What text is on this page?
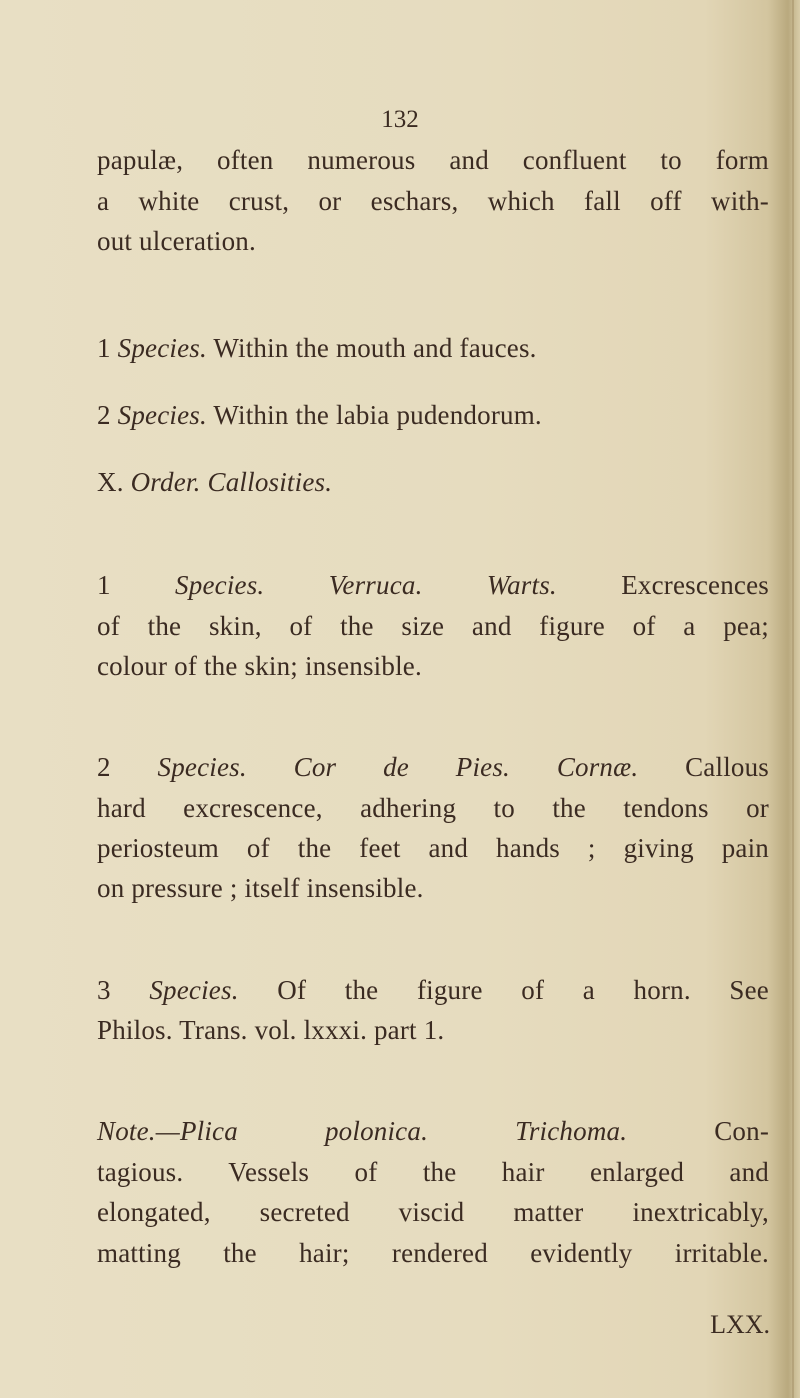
132
papulæ, often numerous and confluent to form
a white crust, or eschars, which fall off with-
out ulceration.
1 Species. Within the mouth and fauces.
2 Species. Within the labia pudendorum.
X. Order. Callosities.
1 Species. Verruca. Warts. Excrescences
of the skin, of the size and figure of a pea;
colour of the skin; insensible.
2 Species. Cor de Pies. Cornæ. Callous
hard excrescence, adhering to the tendons or
periosteum of the feet and hands ; giving pain
on pressure ; itself insensible.
3 Species. Of the figure of a horn. See
Philos. Trans. vol. lxxxi. part 1.
Note.—Plica polonica.	Trichoma. Con-
tagious. Vessels of the hair enlarged and
elongated, secreted viscid matter inextricably,
matting the hair; rendered evidently irritable.
LXX.
